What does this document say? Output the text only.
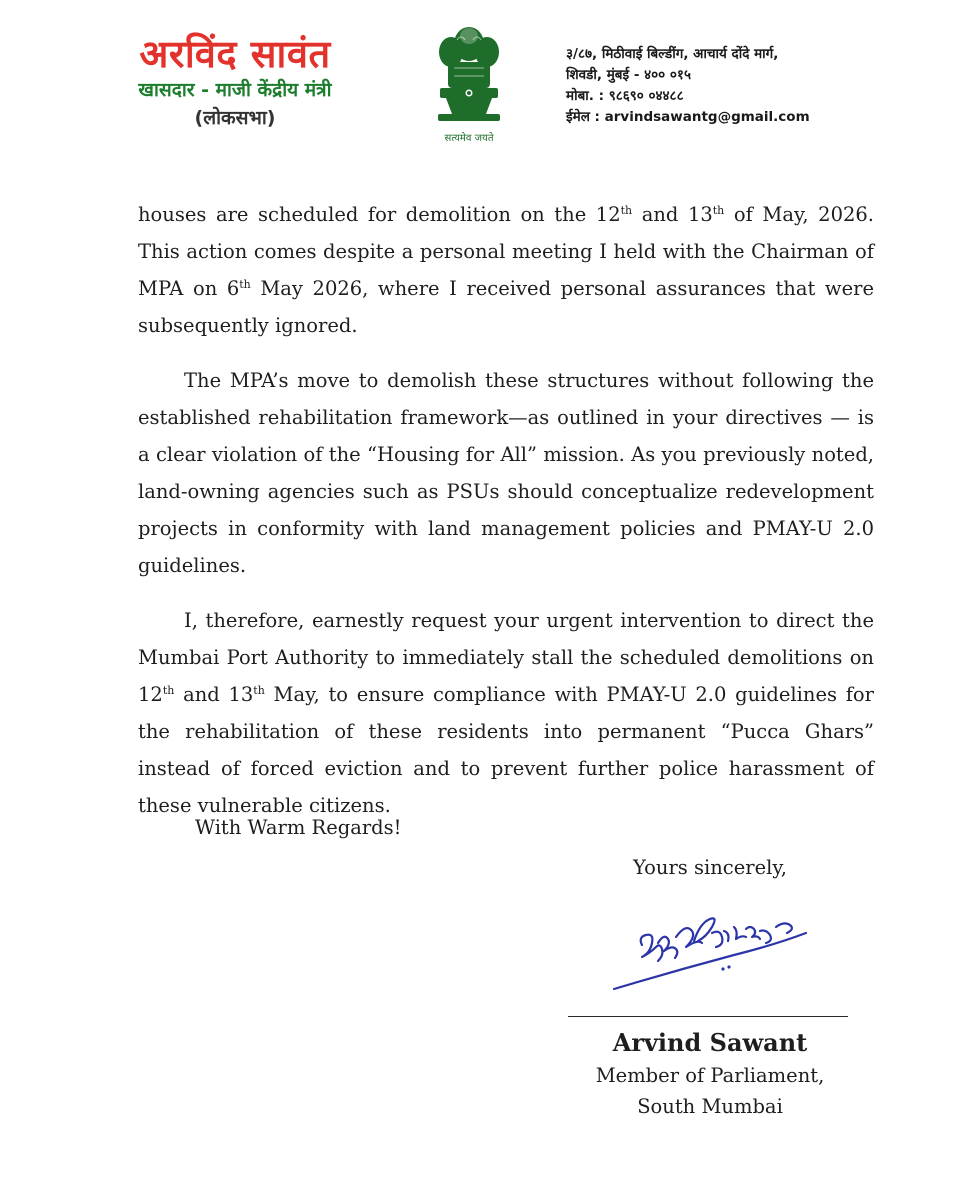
अरविंद सावंत
खासदार - माजी केंद्रीय मंत्री
(लोकसभा)
सत्यमेव जयते
३/८७, मिठीवाई बिल्डींग, आचार्य दोंदे मार्ग,
शिवडी, मुंबई - ४०० ०१५
मोबा. : ९८६९० ०४४८८
ईमेल : arvindsawantg@gmail.com

houses are scheduled for demolition on the 12th and 13th of May, 2026. This action comes despite a personal meeting I held with the Chairman of MPA on 6th May 2026, where I received personal assurances that were subsequently ignored.

The MPA’s move to demolish these structures without following the established rehabilitation framework—as outlined in your directives — is a clear violation of the “Housing for All” mission. As you previously noted, land-owning agencies such as PSUs should conceptualize redevelopment projects in conformity with land management policies and PMAY-U 2.0 guidelines.

I, therefore, earnestly request your urgent intervention to direct the Mumbai Port Authority to immediately stall the scheduled demolitions on 12th and 13th May, to ensure compliance with PMAY-U 2.0 guidelines for the rehabilitation of these residents into permanent “Pucca Ghars” instead of forced eviction and to prevent further police harassment of these vulnerable citizens.

With Warm Regards!
Yours sincerely,
Arvind Sawant
Member of Parliament,
South Mumbai
